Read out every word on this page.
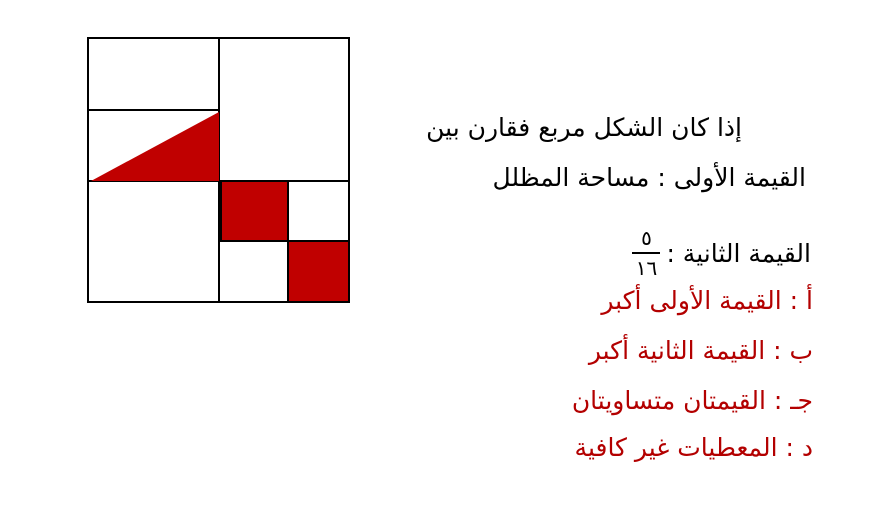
إذا كان الشكل مربع فقارن بين
القيمة الأولى : مساحة المظلل
القيمة الثانية :
$\frac{٥}{١٦}$
أ : القيمة الأولى أكبر
ب : القيمة الثانية أكبر
جـ : القيمتان متساويتان
د : المعطيات غير كافية
